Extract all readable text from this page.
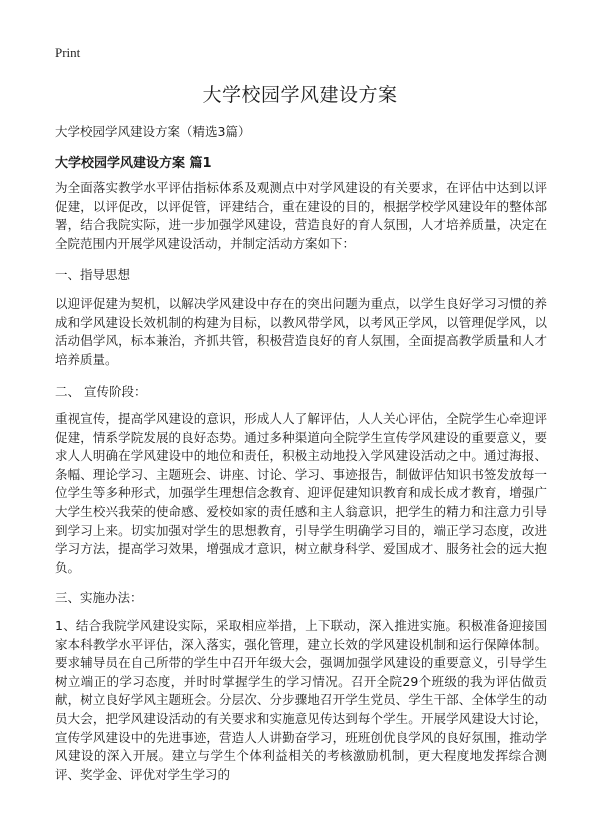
Print
大学校园学风建设方案

大学校园学风建设方案（精选3篇）

大学校园学风建设方案 篇1

为全面落实教学水平评估指标体系及观测点中对学风建设的有关要求，在评估中达到以评促建，以评促改，以评促管，评建结合，重在建设的目的，根据学校学风建设年的整体部署，结合我院实际，进一步加强学风建设，营造良好的育人氛围，人才培养质量，决定在全院范围内开展学风建设活动，并制定活动方案如下：

一、指导思想

以迎评促建为契机，以解决学风建设中存在的突出问题为重点，以学生良好学习习惯的养成和学风建设长效机制的构建为目标，以教风带学风，以考风正学风，以管理促学风，以活动倡学风，标本兼治，齐抓共管，积极营造良好的育人氛围，全面提高教学质量和人才培养质量。

二、 宣传阶段：

重视宣传，提高学风建设的意识，形成人人了解评估，人人关心评估，全院学生心牵迎评促建，情系学院发展的良好态势。通过多种渠道向全院学生宣传学风建设的重要意义，要求人人明确在学风建设中的地位和责任，积极主动地投入学风建设活动之中。通过海报、条幅、理论学习、主题班会、讲座、讨论、学习、事迹报告，制做评估知识书签发放每一位学生等多种形式，加强学生理想信念教育、迎评促建知识教育和成长成才教育，增强广大学生校兴我荣的使命感、爱校如家的责任感和主人翁意识，把学生的精力和注意力引导到学习上来。切实加强对学生的思想教育，引导学生明确学习目的，端正学习态度，改进学习方法，提高学习效果，增强成才意识，树立献身科学、爱国成才、服务社会的远大抱负。

三、实施办法：

1、结合我院学风建设实际，采取相应举措，上下联动，深入推进实施。积极准备迎接国家本科教学水平评估，深入落实，强化管理，建立长效的学风建设机制和运行保障体制。要求辅导员在自己所带的学生中召开年级大会，强调加强学风建设的重要意义，引导学生树立端正的学习态度，并时时掌握学生的学习情况。召开全院29个班级的我为评估做贡献，树立良好学风主题班会。分层次、分步骤地召开学生党员、学生干部、全体学生的动员大会，把学风建设活动的有关要求和实施意见传达到每个学生。开展学风建设大讨论，宣传学风建设中的先进事迹，营造人人讲勤奋学习，班班创优良学风的良好氛围，推动学风建设的深入开展。建立与学生个体利益相关的考核激励机制，更大程度地发挥综合测评、奖学金、评优对学生学习的
